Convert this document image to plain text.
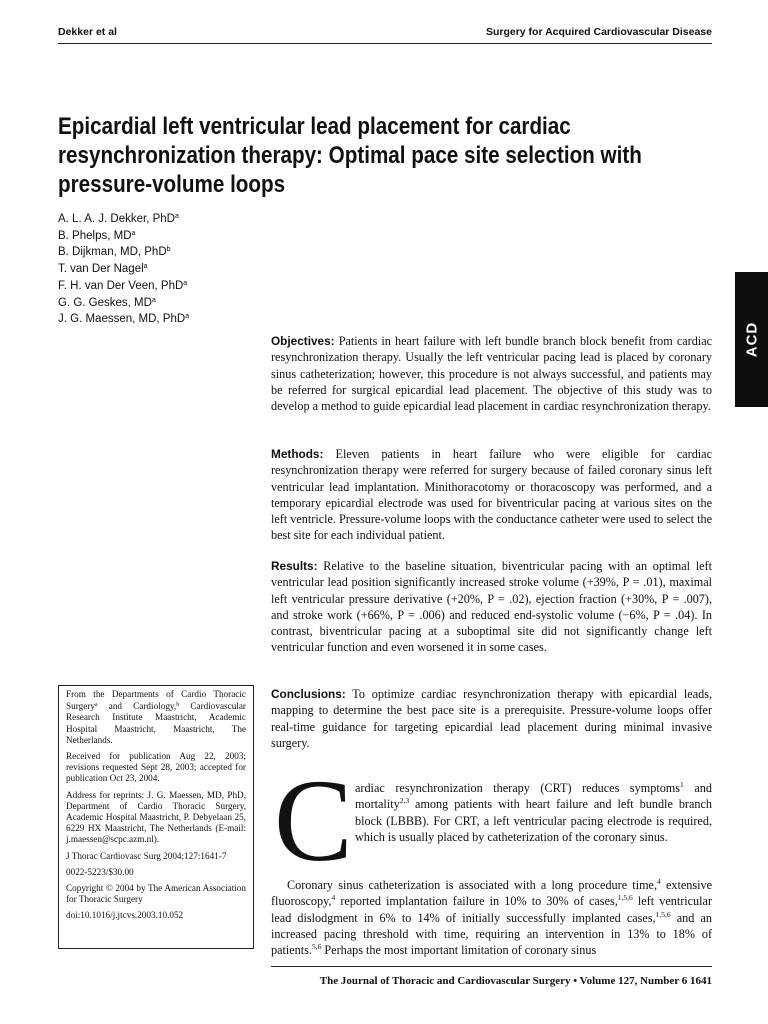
Dekker et al	Surgery for Acquired Cardiovascular Disease
Epicardial left ventricular lead placement for cardiac
resynchronization therapy: Optimal pace site selection with
pressure-volume loops
A. L. A. J. Dekker, PhD$^a$
B. Phelps, $MD^a$
B. Dijkman, MD, PhD$^b$
T. van Der Nagel$^a$
F. H. van Der Veen, PhD$^a$
G. G. Geskes, $MD^a$
J. G. Maessen, MD, PhD$^a$
ACD
Objectives: Patients in heart failure with left bundle branch block benefit from cardiac resynchronization therapy. Usually the left ventricular pacing lead is placed by coronary sinus catheterization; however, this procedure is not always successful, and patients may be referred for surgical epicardial lead placement. The objective of this study was to develop a method to guide epicardial lead placement in cardiac resynchronization therapy.
Methods: Eleven patients in heart failure who were eligible for cardiac resynchronization therapy were referred for surgery because of failed coronary sinus left ventricular lead implantation. Minithoracotomy or thoracoscopy was performed, and a temporary epicardial electrode was used for biventricular pacing at various sites on the left ventricle. Pressure-volume loops with the conductance catheter were used to select the best site for each individual patient.
Results: Relative to the baseline situation, biventricular pacing with an optimal left ventricular lead position significantly increased stroke volume (+39%, P = .01), maximal left ventricular pressure derivative (+20%, P = .02), ejection fraction (+30%, P = .007), and stroke work (+66%, P = .006) and reduced end-systolic volume (−6%, P = .04). In contrast, biventricular pacing at a suboptimal site did not significantly change left ventricular function and even worsened it in some cases.
Conclusions: To optimize cardiac resynchronization therapy with epicardial leads, mapping to determine the best pace site is a prerequisite. Pressure-volume loops offer real-time guidance for targeting epicardial lead placement during minimal invasive surgery.

From the Departments of Cardio Thoracic Surgery$^a$ and Cardiology,$^b$ Cardiovascular Research Institute Maastricht, Academic Hospital Maastricht, Maastricht, The Netherlands.

Received for publication Aug 22, 2003; revisions requested Sept 28, 2003; accepted for publication Oct 23, 2004.

Address for reprints: J. G. Maessen, MD, PhD, Department of Cardio Thoracic Surgery, Academic Hospital Maastricht, P. Debyelaan 25, 6229 HX Maastricht, The Netherlands (E-mail: j.maessen@scpc.azm.nl).

J Thorac Cardiovasc Surg 2004;127:1641-7

0022-5223/$30.00

Copyright © 2004 by The American Association for Thoracic Surgery

doi:10.1016/j.jtcvs.2003.10.052

C ardiac resynchronization therapy (CRT) reduces symptoms$^1$ and mortality$^{2,3}$ among patients with heart failure and left bundle branch block (LBBB). For CRT, a left ventricular pacing electrode is required, which is usually placed by catheterization of the coronary sinus.
Coronary sinus catheterization is associated with a long procedure time,$^4$ extensive fluoroscopy,$^4$ reported implantation failure in 10% to 30% of cases,$^{1,5,6}$ left ventricular lead dislodgment in 6% to 14% of initially successfully implanted cases,$^{1,5,6}$ and an increased pacing threshold with time, requiring an intervention in 13% to 18% of patients.$^{5,6}$ Perhaps the most important limitation of coronary sinus
The Journal of Thoracic and Cardiovascular Surgery • Volume 127, Number 6 1641
